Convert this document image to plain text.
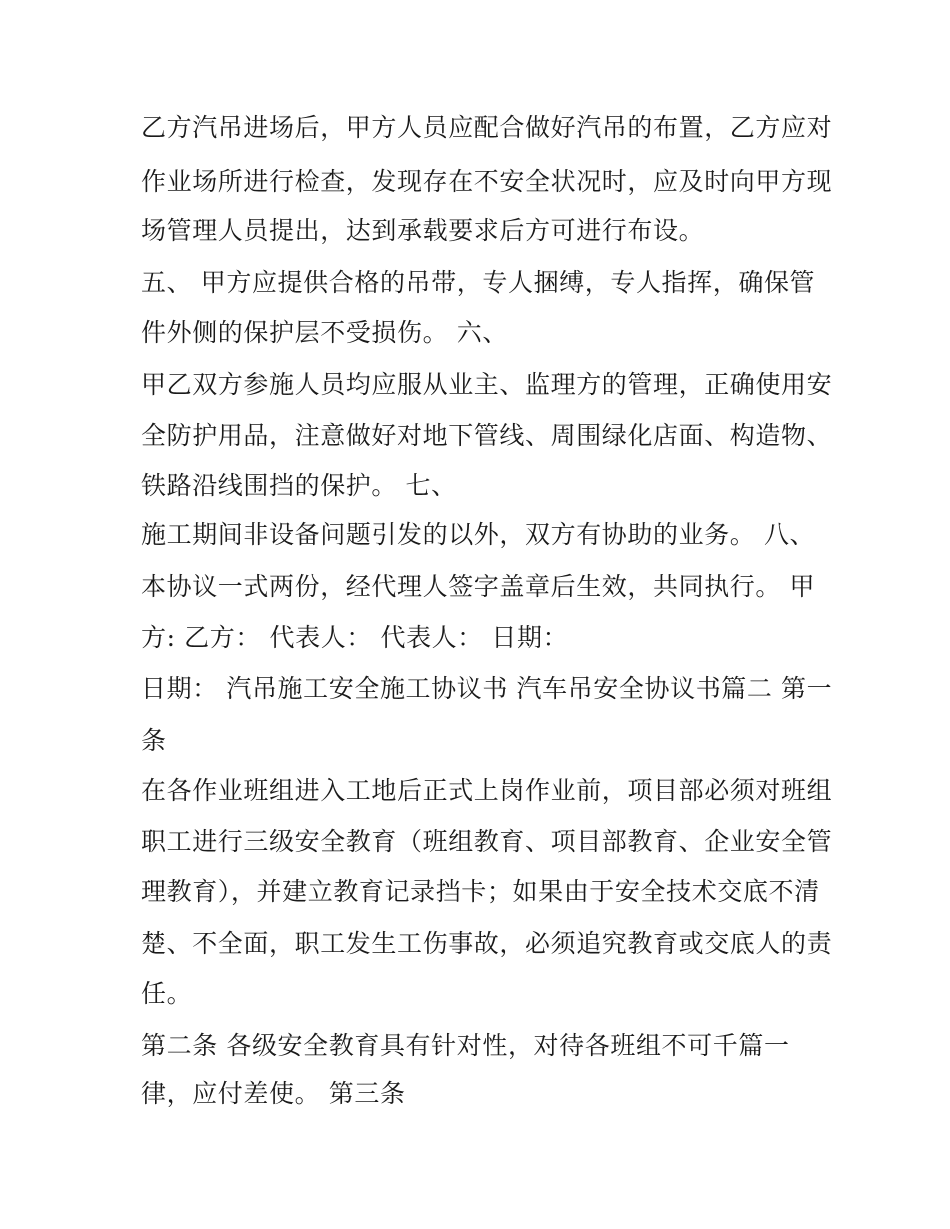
乙方汽吊进场后，甲方人员应配合做好汽吊的布置，乙方应对
作业场所进行检查，发现存在不安全状况时，应及时向甲方现
场管理人员提出，达到承载要求后方可进行布设。
五、 甲方应提供合格的吊带，专人捆缚，专人指挥，确保管
件外侧的保护层不受损伤。 六、
甲乙双方参施人员均应服从业主、监理方的管理，正确使用安
全防护用品，注意做好对地下管线、周围绿化店面、构造物、
铁路沿线围挡的保护。 七、
施工期间非设备问题引发的以外，双方有协助的业务。 八、
本协议一式两份，经代理人签字盖章后生效，共同执行。 甲
方: 乙方： 代表人： 代表人： 日期：
日期： 汽吊施工安全施工协议书 汽车吊安全协议书篇二 第一
条
在各作业班组进入工地后正式上岗作业前，项目部必须对班组
职工进行三级安全教育（班组教育、项目部教育、企业安全管
理教育），并建立教育记录挡卡；如果由于安全技术交底不清
楚、不全面，职工发生工伤事故，必须追究教育或交底人的责
任。
第二条 各级安全教育具有针对性，对待各班组不可千篇一
律，应付差使。 第三条
